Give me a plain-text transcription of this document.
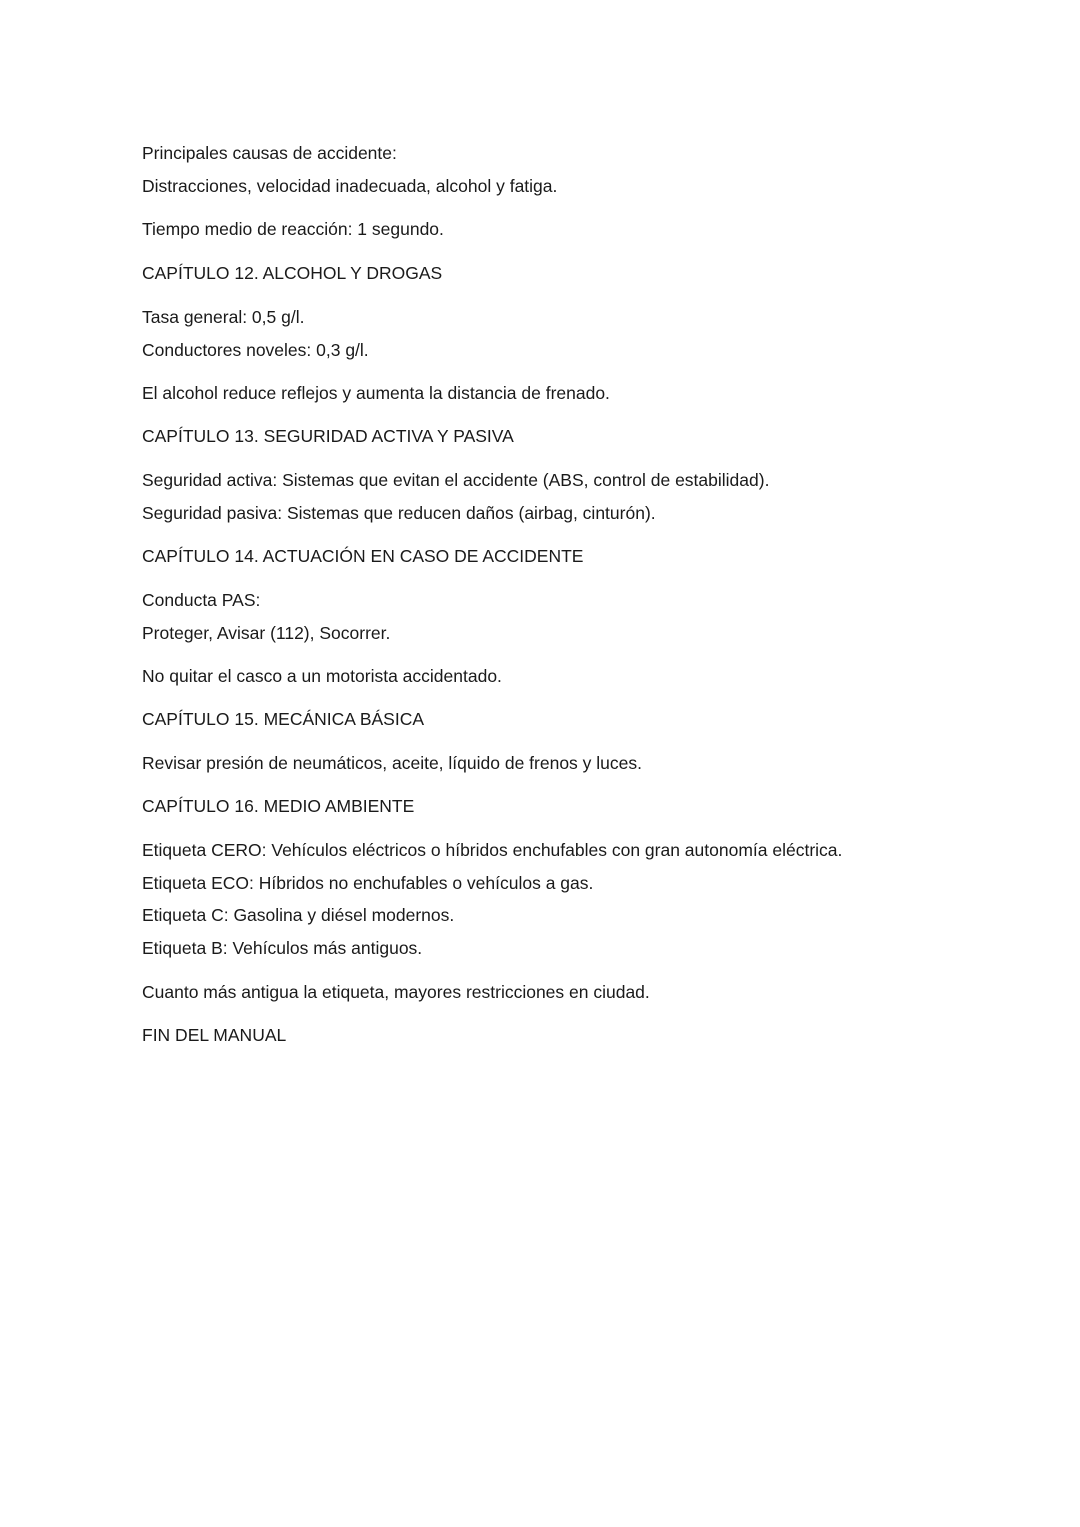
Principales causas de accidente:

Distracciones, velocidad inadecuada, alcohol y fatiga.

Tiempo medio de reacción: 1 segundo.

CAPÍTULO 12. ALCOHOL Y DROGAS

Tasa general: 0,5 g/l.

Conductores noveles: 0,3 g/l.

El alcohol reduce reflejos y aumenta la distancia de frenado.

CAPÍTULO 13. SEGURIDAD ACTIVA Y PASIVA

Seguridad activa: Sistemas que evitan el accidente (ABS, control de estabilidad).

Seguridad pasiva: Sistemas que reducen daños (airbag, cinturón).

CAPÍTULO 14. ACTUACIÓN EN CASO DE ACCIDENTE

Conducta PAS:

Proteger, Avisar (112), Socorrer.

No quitar el casco a un motorista accidentado.

CAPÍTULO 15. MECÁNICA BÁSICA

Revisar presión de neumáticos, aceite, líquido de frenos y luces.

CAPÍTULO 16. MEDIO AMBIENTE

Etiqueta CERO: Vehículos eléctricos o híbridos enchufables con gran autonomía eléctrica.

Etiqueta ECO: Híbridos no enchufables o vehículos a gas.

Etiqueta C: Gasolina y diésel modernos.

Etiqueta B: Vehículos más antiguos.

Cuanto más antigua la etiqueta, mayores restricciones en ciudad.

FIN DEL MANUAL
